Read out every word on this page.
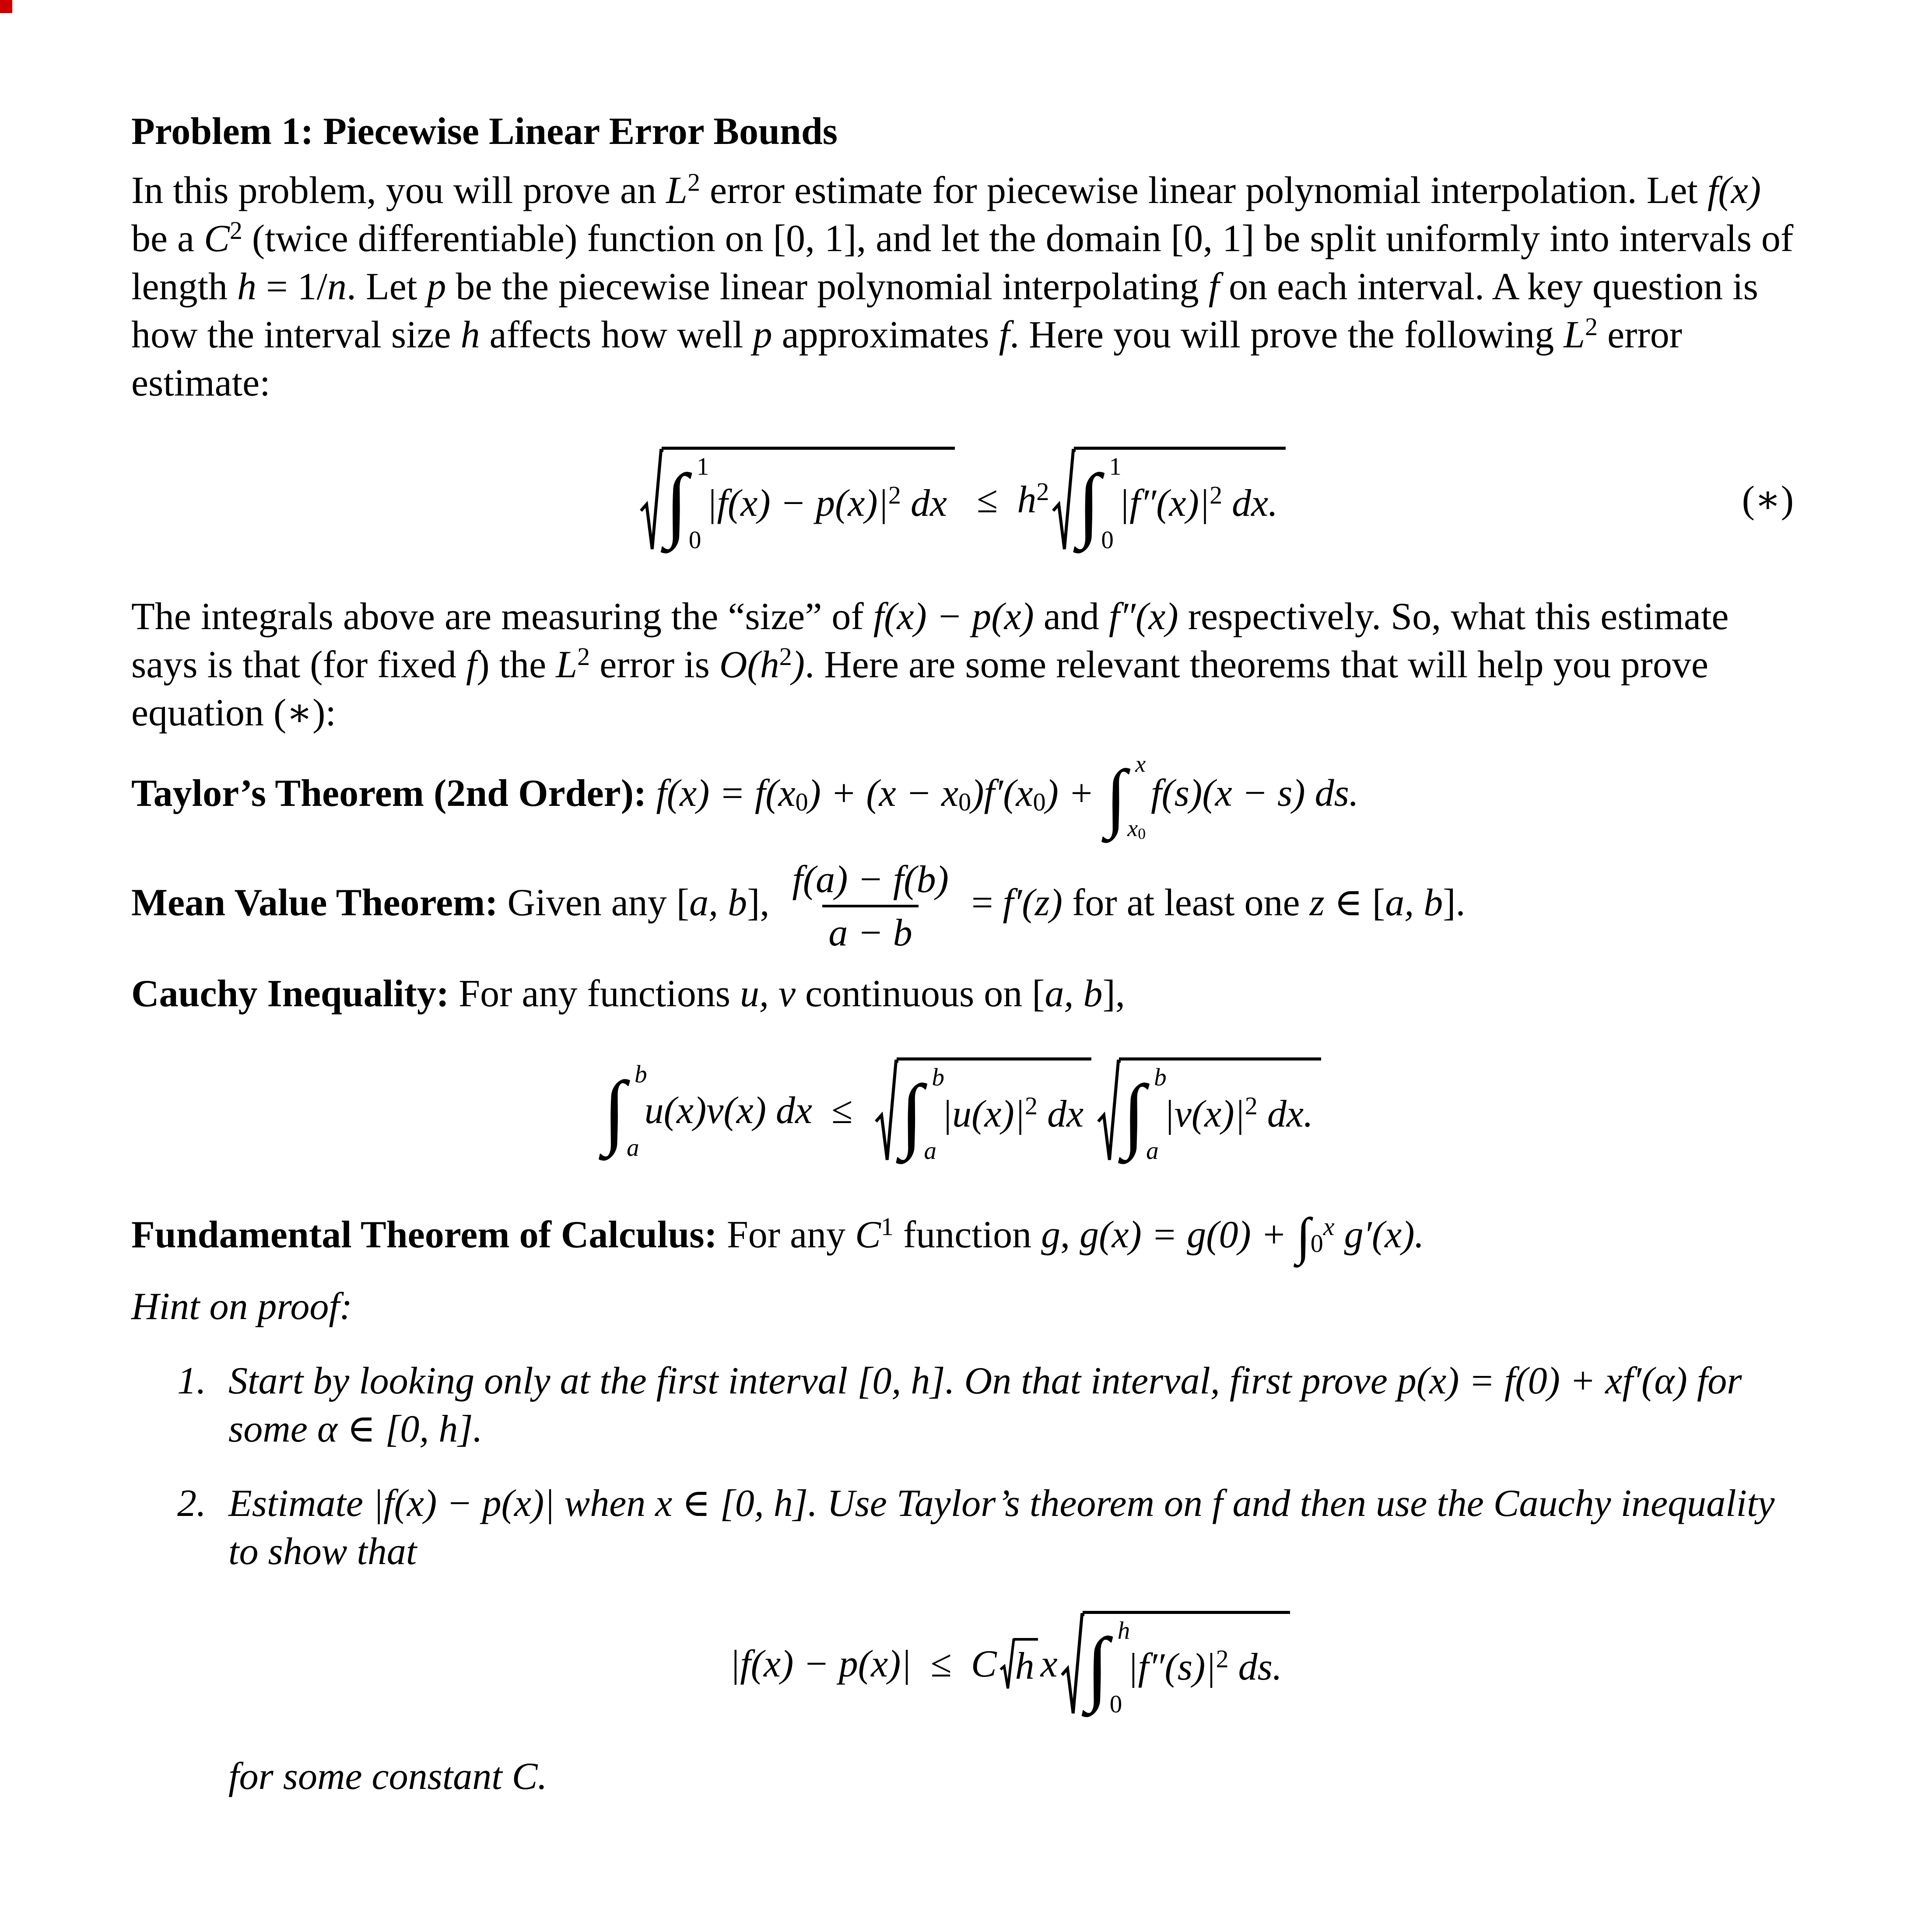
Problem 1: Piecewise Linear Error Bounds
In this problem, you will prove an $L^2$ error estimate for piecewise linear polynomial interpolation. Let f(x) be a $C^2$ (twice differentiable) function on [0, 1], and let the domain [0, 1] be split uniformly into intervals of length h = 1/n. Let p be the piecewise linear polynomial interpolating f on each interval. A key question is how the interval size h affects how well p approximates f. Here you will prove the following $L^2$ error estimate:
∫ 1
0
$|f(x) - p(x)|^2$ dx ≤  $h^2$ ∫ 1
0
$|f''(x)|^2$ dx.	(∗)
The integrals above are measuring the “size” of f(x) − p(x) and f″(x) respectively. So, what this estimate says is that (for fixed f) the $L^2$ error is $O(h^2)$. Here are some relevant theorems that will help you prove equation (∗):
Taylor’s Theorem (2nd Order): f(x) = f(x0) + (x − x0)f′(x0) + ∫ x
x0
f(s)(x − s) ds.
Mean Value Theorem: Given any [a, b], $\frac{f(a) - f(b)}{a - b} = f'(z)$ for at least one z ∈ [a, b].
Cauchy Inequality: For any functions u, v continuous on [a, b],
∫ b
a
u(x)v(x) dx  ≤ ∫ b
a
$|u(x)|^2$ dx ∫ b
a
$|v(x)|^2$ dx.
Fundamental Theorem of Calculus: For any $C^1$ function g, $g(x) = g(0) + \int 0^x$ g′(x).
Hint on proof:
1. Start by looking only at the first interval [0, h]. On that interval, first prove p(x) = f(0) + xf′(α) for some α ∈ [0, h].
2. Estimate |f(x) − p(x)| when x ∈ [0, h]. Use Taylor’s theorem on f and then use the Cauchy inequality to show that
|f(x) − p(x)|  ≤  C h x ∫ h
0
$|f''(s)|^2$ ds.
for some constant C.
